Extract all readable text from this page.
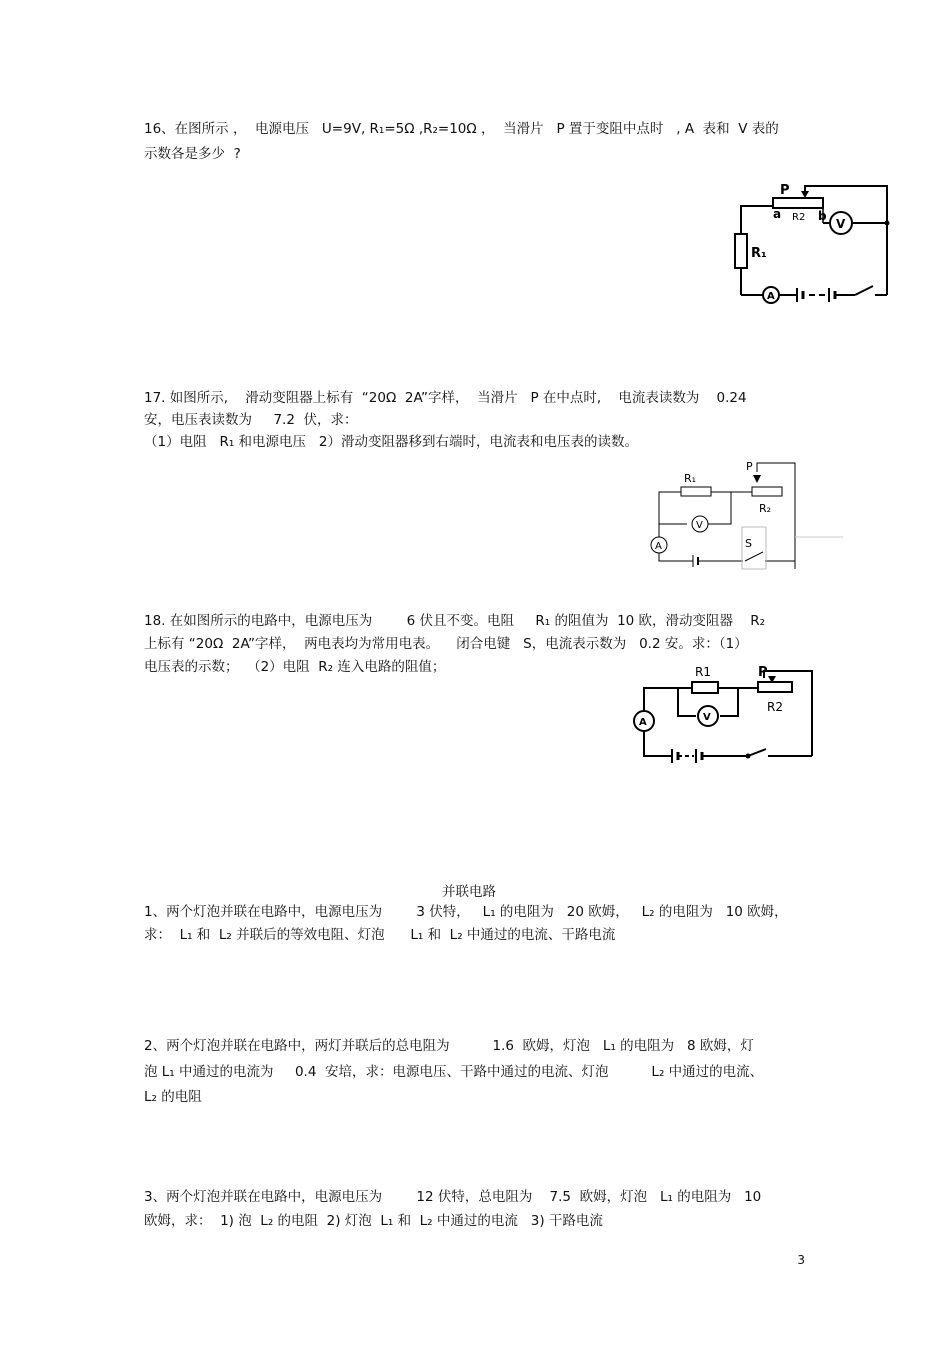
16、在图所示 ，  电源电压   U=9V, R₁=5Ω ,R₂=10Ω ，  当滑片   P 置于变阻中点时   , A  表和  V 表的
示数各是多少  ?
P
a R2 b
V
R₁
A
17. 如图所示,    滑动变阻器上标有  “20Ω  2A”字样，  当滑片   P 在中点时,    电流表读数为    0.24
安，电压表读数为     7.2  伏，求：
（1）电阻   R₁ 和电源电压   2）滑动变阻器移到右端时，电流表和电压表的读数。
R₁
P
R₂
V
A	S
18. 在如图所示的电路中，电源电压为        6 伏且不变。电阻     R₁ 的阻值为  10 欧，滑动变阻器    R₂
上标有 “20Ω  2A”字样，  两电表均为常用电表。    闭合电键   S，电流表示数为   0.2 安。求：（1）
电压表的示数；  （2）电阻  R₂ 连入电路的阻值；	R1	P
R2
A	V
并联电路
1、两个灯泡并联在电路中，电源电压为        3 伏特，   L₁ 的电阻为   20 欧姆，   L₂ 的电阻为   10 欧姆，
求：  L₁ 和  L₂ 并联后的等效电阻、灯泡      L₁ 和  L₂ 中通过的电流、干路电流
2、两个灯泡并联在电路中，两灯并联后的总电阻为          1.6  欧姆，灯泡   L₁ 的电阻为   8 欧姆，灯
泡 L₁ 中通过的电流为     0.4  安培，求：电源电压、干路中通过的电流、灯泡          L₂ 中通过的电流、
L₂ 的电阻
3、两个灯泡并联在电路中，电源电压为        12 伏特，总电阻为    7.5  欧姆，灯泡   L₁ 的电阻为   10
欧姆，求：  1) 泡  L₂ 的电阻  2) 灯泡  L₁ 和  L₂ 中通过的电流   3) 干路电流
3
